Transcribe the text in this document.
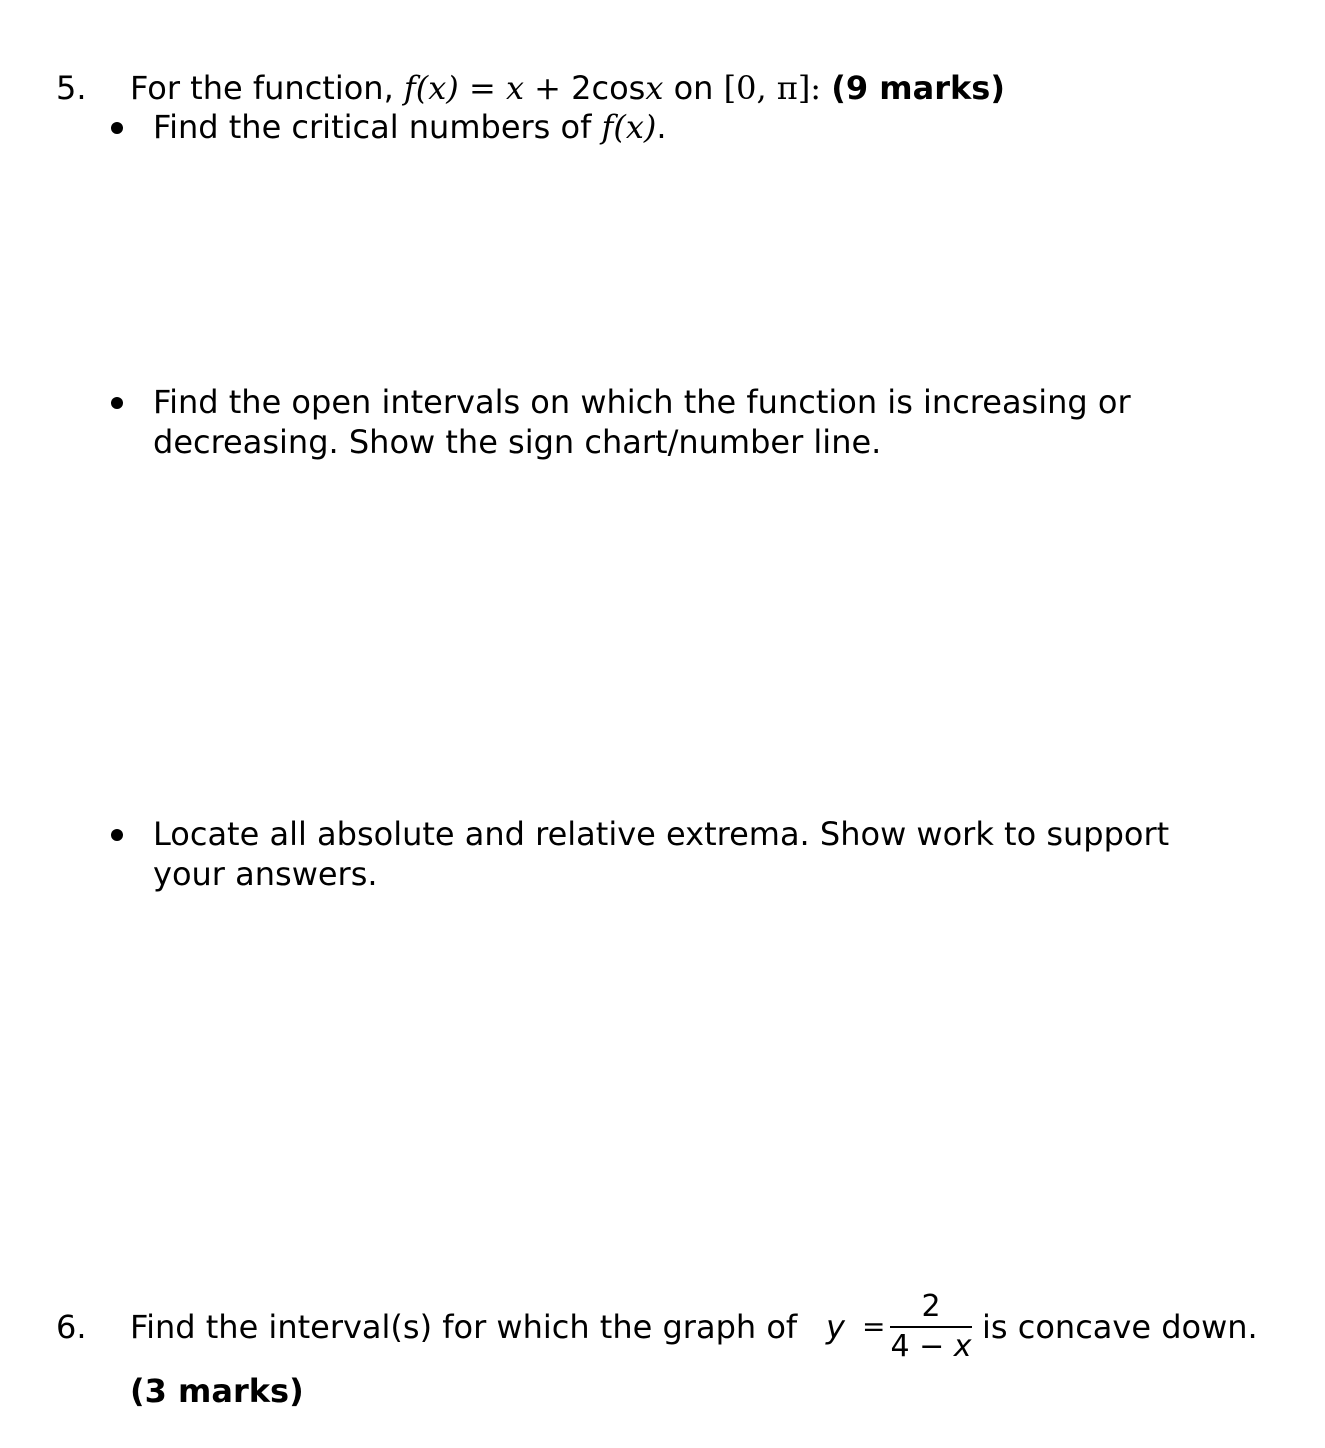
5. For the function, f(x) = x + 2cosx on [0, π]: (9 marks)
Find the critical numbers of f(x).
Find the open intervals on which the function is increasing or
decreasing. Show the sign chart/number line.
Locate all absolute and relative extrema. Show work to support
your answers.
6. Find the interval(s) for which the graph of y =
2
4 − x
is concave down.
(3 marks)
